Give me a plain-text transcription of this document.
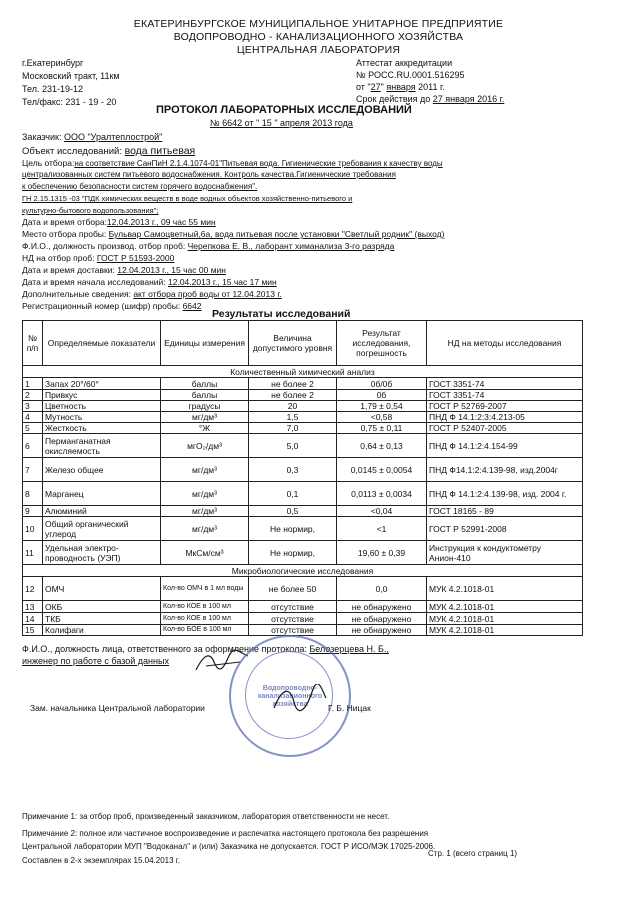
ЕКАТЕРИНБУРГСКОЕ МУНИЦИПАЛЬНОЕ УНИТАРНОЕ ПРЕДПРИЯТИЕ
ВОДОПРОВОДНО - КАНАЛИЗАЦИОННОГО ХОЗЯЙСТВА
ЦЕНТРАЛЬНАЯ ЛАБОРАТОРИЯ
г.Екатеринбург
Московский тракт, 11км
Тел. 231-19-12
Тел/факс: 231 - 19 - 20
Аттестат аккредитации
№ РОСС.RU.0001.516295
от "27" января 2011 г.
Срок действия до 27 января 2016 г.
ПРОТОКОЛ ЛАБОРАТОРНЫХ ИССЛЕДОВАНИЙ
№ 6642 от " 15 " апреля 2013 года
Заказчик: ООО "Уралтеплострой"
Объект исследований: вода питьевая
Цель отбора:на соответствие СанПиН 2.1.4.1074-01"Питьевая вода. Гигиенические требования к качеству воды
централизованных систем питьевого водоснабжения. Контроль качества.Гигиенические требования
к обеспечению безопасности систем горячего водоснабжения".
ГН 2.15.1315 -03 "ПДК химических веществ в воде водных объектов хозяйственно-питьевого и
культурно-бытового водопользования";
Дата и время отбора:12.04.2013 г., 09 час 55 мин
Место отбора пробы: Бульвар Самоцветный,6а, вода питьевая после установки "Светлый родник" (выход)
Ф.И.О., должность производ. отбор проб: Черепкова Е. В., лаборант химанализа 3-го разряда
НД на отбор проб: ГОСТ Р 51593-2000
Дата и время доставки: 12.04.2013 г., 15 час 00 мин
Дата и время начала исследований: 12.04.2013 г., 15 час 17 мин
Дополнительные сведения: акт отбора проб воды от 12.04.2013 г.
Регистрационный номер (шифр) пробы: 6642
Результаты исследований
№ п/п	Определяемые показатели	Единицы измерения	Величина допустимого уровня	Результат исследования, погрешность	НД на методы исследования
Количественный химический анализ					
1	Запах 20°/60°	баллы	не более 2	0б/0б	ГОСТ 3351-74
2	Привкус	баллы	не более 2	0б	ГОСТ 3351-74
3	Цветность	градусы	20	1,79 ± 0,54	ГОСТ Р 52769-2007
4	Мутность	мг/дм³	1,5	<0,58	ПНД Ф 14.1:2:3:4.213-05
5	Жесткость	°Ж	7,0	0,75 ± 0,11	ГОСТ Р 52407-2005
6	Перманганатная окисляемость	мгО₂/дм³	5,0	0,64 ± 0,13	ПНД Ф 14.1:2:4.154-99
7	Железо общее	мг/дм³	0,3	0,0145 ± 0,0054	ПНД Ф14.1:2:4.139-98, изд.2004г
8	Марганец	мг/дм³	0,1	0,0113 ± 0,0034	ПНД Ф 14.1:2:4.139-98, изд. 2004 г.
9	Алюминий	мг/дм³	0,5	<0,04	ГОСТ 18165 - 89
10	Общий органический углерод	мг/дм³	Не нормир,	<1	ГОСТ Р 52991-2008
11	Удельная электро-проводность (УЭП)	МкСм/см³	Не нормир,	19,60 ± 0,39	Инструкция к кондуктометру Анион-410
Микробиологические исследования					
12	ОМЧ	Кол-во ОМЧ в 1 мл воды	не более 50	0,0	МУК 4.2.1018-01
13	ОКБ	Кол-во КОЕ в 100 мл	отсутствие	не обнаружено	МУК 4.2.1018-01
14	ТКБ	Кол-во КОЕ в 100 мл	отсутствие	не обнаружено	МУК 4.2.1018-01
15	Колифаги	Кол-во БОЕ в 100 мл	отсутствие	не обнаружено	МУК 4.2.1018-01
Ф.И.О., должность лица, ответственного за оформление протокола: Белозерцева Н. Б.,
инженер по работе с базой данных
Водопроводно-канализационного хозяйства
Зам. начальника Центральной лаборатории	Г. Б. Ницак
Примечание 1: за отбор проб, произведенный заказчиком, лаборатория ответственности не несет.
Примечание 2: полное или частичное воспроизведение и распечатка настоящего протокола без разрешения
Центральной лаборатории МУП "Водоканал" и (или) Заказчика не допускается. ГОСТ Р ИСО/МЭК 17025-2006.
Составлен в 2-х экземплярах 15.04.2013 г.
Стр. 1 (всего страниц 1)
